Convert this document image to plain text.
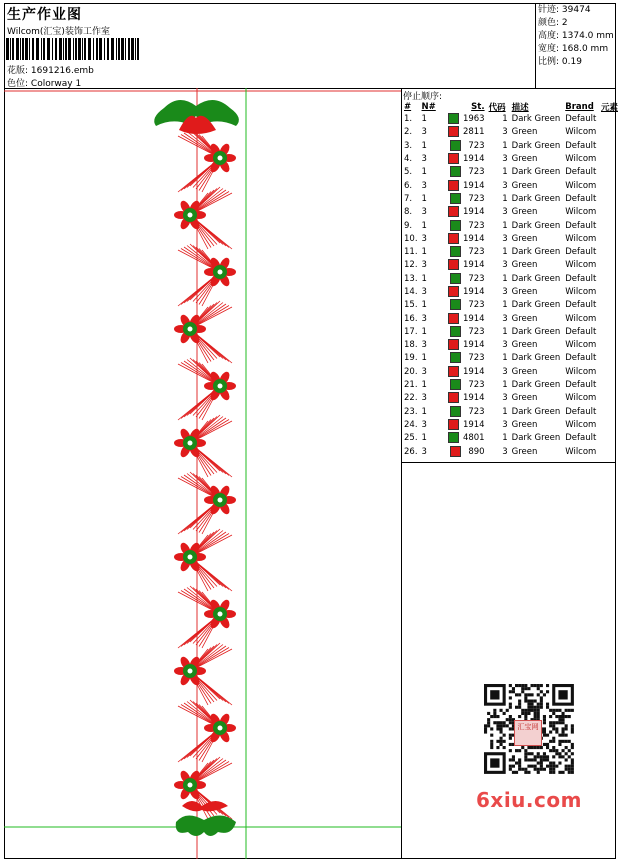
生产作业图
Wilcom(汇宝)装饰工作室
花版: 1691216.emb
色位: Colorway 1
针迹: 39474
颜色: 2
高度: 1374.0 mm
宽度: 168.0 mm
比例: 0.19
停止顺序:
#	N#	St.	代码	描述	Brand	元素
1.	1	1963	1	Dark Green	Default	
2.	3	2811	3	Green	Wilcom	
3.	1	723	1	Dark Green	Default	
4.	3	1914	3	Green	Wilcom	
5.	1	723	1	Dark Green	Default	
6.	3	1914	3	Green	Wilcom	
7.	1	723	1	Dark Green	Default	
8.	3	1914	3	Green	Wilcom	
9.	1	723	1	Dark Green	Default	
10.	3	1914	3	Green	Wilcom	
11.	1	723	1	Dark Green	Default	
12.	3	1914	3	Green	Wilcom	
13.	1	723	1	Dark Green	Default	
14.	3	1914	3	Green	Wilcom	
15.	1	723	1	Dark Green	Default	
16.	3	1914	3	Green	Wilcom	
17.	1	723	1	Dark Green	Default	
18.	3	1914	3	Green	Wilcom	
19.	1	723	1	Dark Green	Default	
20.	3	1914	3	Green	Wilcom	
21.	1	723	1	Dark Green	Default	
22.	3	1914	3	Green	Wilcom	
23.	1	723	1	Dark Green	Default	
24.	3	1914	3	Green	Wilcom	
25.	1	4801	1	Dark Green	Default	
26.	3	890	3	Green	Wilcom	
汇宝网
6xiu.com
